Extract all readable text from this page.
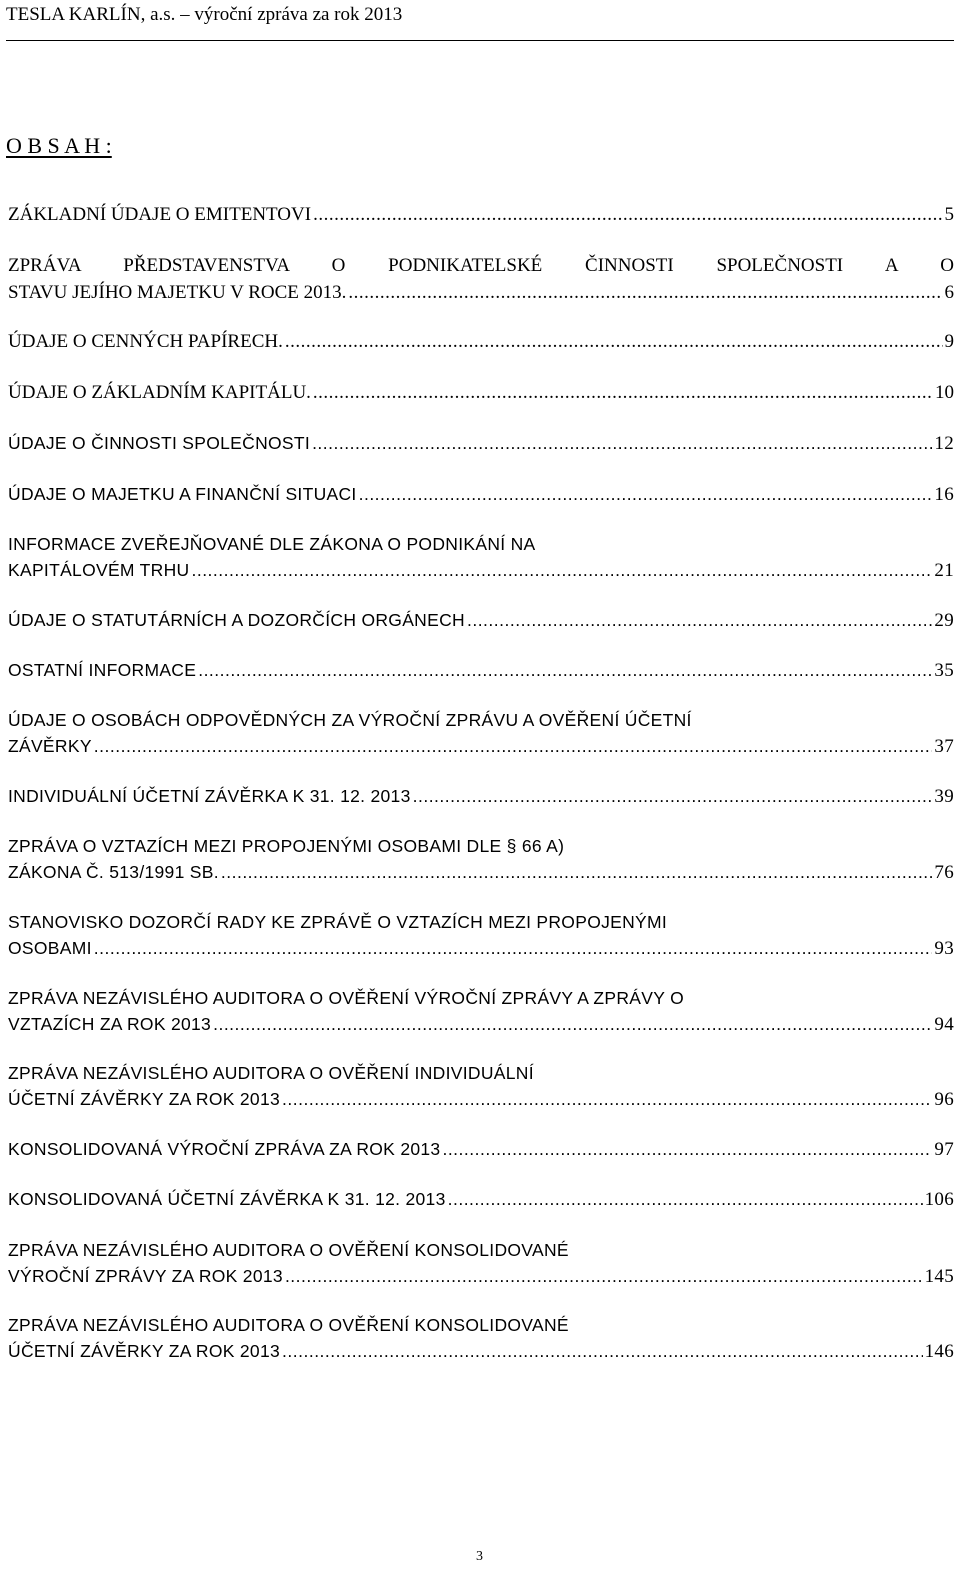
TESLA KARLÍN, a.s. – výroční zpráva za rok 2013
O B S A H :
ZÁKLADNÍ ÚDAJE O EMITENTOVI .....	5
ZPRÁVA PŘEDSTAVENSTVA O PODNIKATELSKÉ ČINNOSTI SPOLEČNOSTI A O
STAVU JEJÍHO MAJETKU V ROCE 2013. .....	6
ÚDAJE O CENNÝCH PAPÍRECH. .....	9
ÚDAJE O ZÁKLADNÍM KAPITÁLU. .....	10
ÚDAJE O ČINNOSTI SPOLEČNOSTI .....	12
ÚDAJE O MAJETKU A FINANČNÍ SITUACI .....	16
INFORMACE ZVEŘEJŇOVANÉ DLE ZÁKONA O PODNIKÁNÍ NA
KAPITÁLOVÉM TRHU .....	21
ÚDAJE O STATUTÁRNÍCH A DOZORČÍCH ORGÁNECH .....	29
OSTATNÍ INFORMACE .....	35
ÚDAJE O OSOBÁCH ODPOVĚDNÝCH ZA VÝROČNÍ ZPRÁVU A OVĚŘENÍ ÚČETNÍ
ZÁVĚRKY .....	37
INDIVIDUÁLNÍ ÚČETNÍ ZÁVĚRKA K 31. 12. 2013 .....	39
ZPRÁVA O VZTAZÍCH MEZI PROPOJENÝMI OSOBAMI DLE § 66 A)
ZÁKONA Č. 513/1991 SB. .....	76
STANOVISKO DOZORČÍ RADY KE ZPRÁVĚ O VZTAZÍCH MEZI PROPOJENÝMI
OSOBAMI .....	93
ZPRÁVA NEZÁVISLÉHO AUDITORA O OVĚŘENÍ VÝROČNÍ ZPRÁVY A ZPRÁVY O
VZTAZÍCH ZA ROK 2013 .....	94
ZPRÁVA NEZÁVISLÉHO AUDITORA O OVĚŘENÍ INDIVIDUÁLNÍ
ÚČETNÍ ZÁVĚRKY ZA ROK 2013 .....	96
KONSOLIDOVANÁ VÝROČNÍ ZPRÁVA ZA ROK 2013 .....	97
KONSOLIDOVANÁ ÚČETNÍ ZÁVĚRKA K 31. 12. 2013 .....	106
ZPRÁVA NEZÁVISLÉHO AUDITORA O OVĚŘENÍ KONSOLIDOVANÉ
VÝROČNÍ ZPRÁVY ZA ROK 2013 .....	145
ZPRÁVA NEZÁVISLÉHO AUDITORA O OVĚŘENÍ KONSOLIDOVANÉ
ÚČETNÍ ZÁVĚRKY ZA ROK 2013 .....	146
3
